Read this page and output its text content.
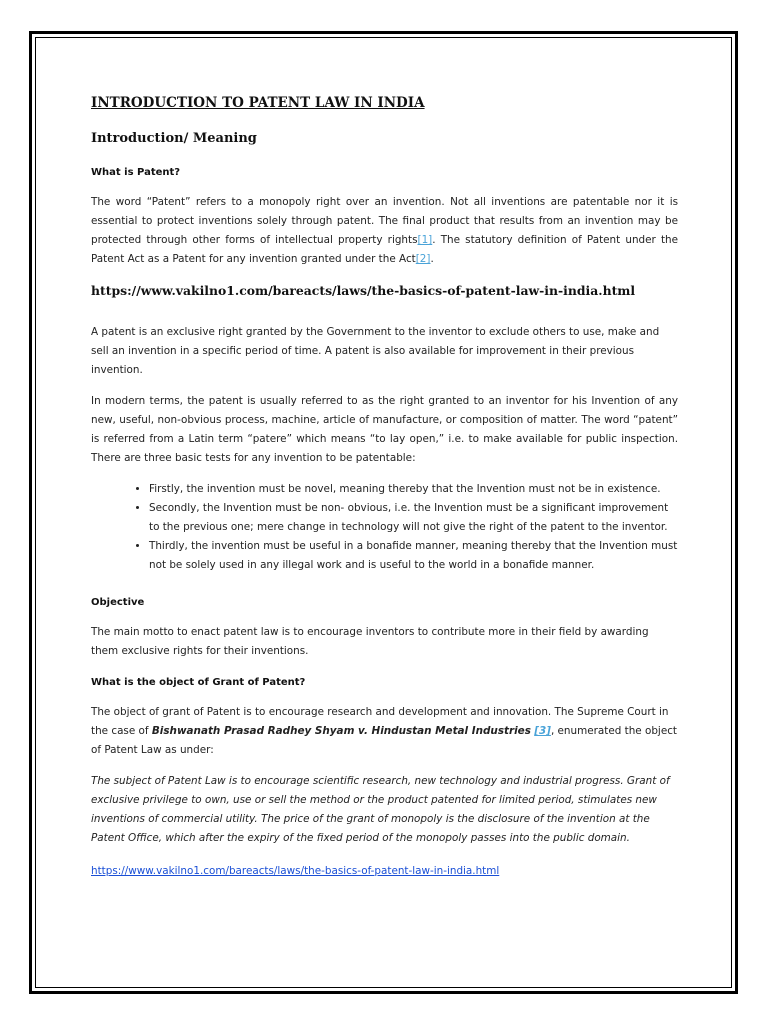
INTRODUCTION TO PATENT LAW IN INDIA
Introduction/ Meaning
What is Patent?

The word “Patent” refers to a monopoly right over an invention. Not all inventions are patentable nor it is essential to protect inventions solely through patent. The final product that results from an invention may be protected through other forms of intellectual property rights[1]. The statutory definition of Patent under the Patent Act as a Patent for any invention granted under the Act[2].

https://www.vakilno1.com/bareacts/laws/the-basics-of-patent-law-in-india.html

A patent is an exclusive right granted by the Government to the inventor to exclude others to use, make and sell an invention in a specific period of time. A patent is also available for improvement in their previous invention.

In modern terms, the patent is usually referred to as the right granted to an inventor for his Invention of any new, useful, non-obvious process, machine, article of manufacture, or composition of matter. The word “patent” is referred from a Latin term “patere” which means “to lay open,” i.e. to make available for public inspection. There are three basic tests for any invention to be patentable:

• Firstly, the invention must be novel, meaning thereby that the Invention must not be in existence.
• Secondly, the Invention must be non- obvious, i.e. the Invention must be a significant improvement to the previous one; mere change in technology will not give the right of the patent to the inventor.
• Thirdly, the invention must be useful in a bonafide manner, meaning thereby that the Invention must not be solely used in any illegal work and is useful to the world in a bonafide manner.
Objective

The main motto to enact patent law is to encourage inventors to contribute more in their field by awarding them exclusive rights for their inventions.

What is the object of Grant of Patent?

The object of grant of Patent is to encourage research and development and innovation. The Supreme Court in the case of Bishwanath Prasad Radhey Shyam v. Hindustan Metal Industries [3], enumerated the object of Patent Law as under:

The subject of Patent Law is to encourage scientific research, new technology and industrial progress. Grant of exclusive privilege to own, use or sell the method or the product patented for limited period, stimulates new inventions of commercial utility. The price of the grant of monopoly is the disclosure of the invention at the Patent Office, which after the expiry of the fixed period of the monopoly passes into the public domain.

https://www.vakilno1.com/bareacts/laws/the-basics-of-patent-law-in-india.html
